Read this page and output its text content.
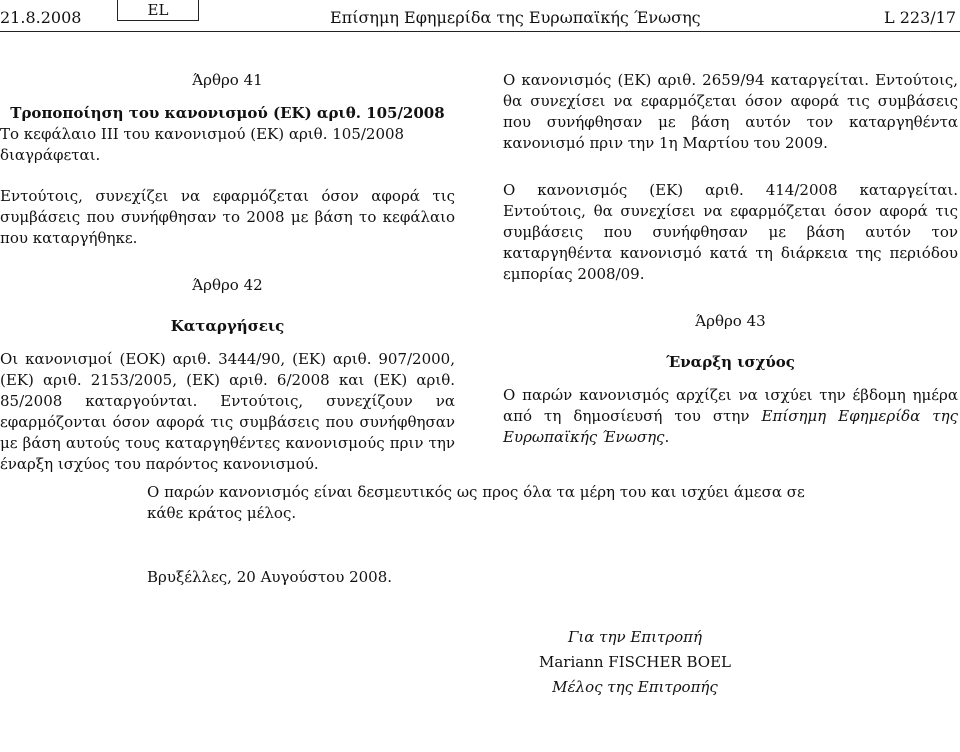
21.8.2008	EL	Επίσημη Εφημερίδα της Ευρωπαϊκής Ένωσης	L 223/17

Άρθρο 41

Τροποποίηση του κανονισμού (ΕΚ) αριθ. 105/2008

Το κεφάλαιο ΙΙΙ του κανονισμού (ΕΚ) αριθ. 105/2008 διαγράφεται.

Εντούτοις, συνεχίζει να εφαρμόζεται όσον αφορά τις συμβάσεις που συνήφθησαν το 2008 με βάση το κεφάλαιο που καταργήθηκε.

Άρθρο 42

Καταργήσεις

Οι κανονισμοί (ΕΟΚ) αριθ. 3444/90, (ΕΚ) αριθ. 907/2000, (ΕΚ) αριθ. 2153/2005, (ΕΚ) αριθ. 6/2008 και (ΕΚ) αριθ. 85/2008 καταργούνται. Εντούτοις, συνεχίζουν να εφαρμόζονται όσον αφορά τις συμβάσεις που συνήφθησαν με βάση αυτούς τους καταργηθέντες κανονισμούς πριν την έναρξη ισχύος του παρόντος κανονισμού.

Ο κανονισμός (ΕΚ) αριθ. 2659/94 καταργείται. Εντούτοις, θα συνεχίσει να εφαρμόζεται όσον αφορά τις συμβάσεις που συνήφθησαν με βάση αυτόν τον καταργηθέντα κανονισμό πριν την 1η Μαρτίου του 2009.

Ο κανονισμός (ΕΚ) αριθ. 414/2008 καταργείται. Εντούτοις, θα συνεχίσει να εφαρμόζεται όσον αφορά τις συμβάσεις που συνήφθησαν με βάση αυτόν τον καταργηθέντα κανονισμό κατά τη διάρκεια της περιόδου εμπορίας 2008/09.

Άρθρο 43

Έναρξη ισχύος

Ο παρών κανονισμός αρχίζει να ισχύει την έβδομη ημέρα από τη δημοσίευσή του στην Επίσημη Εφημερίδα της Ευρωπαϊκής Ένωσης.

Ο παρών κανονισμός είναι δεσμευτικός ως προς όλα τα μέρη του και ισχύει άμεσα σε κάθε κράτος μέλος.

Βρυξέλλες, 20 Αυγούστου 2008.

Για την Επιτροπή
Mariann FISCHER BOEL
Μέλος της Επιτροπής
